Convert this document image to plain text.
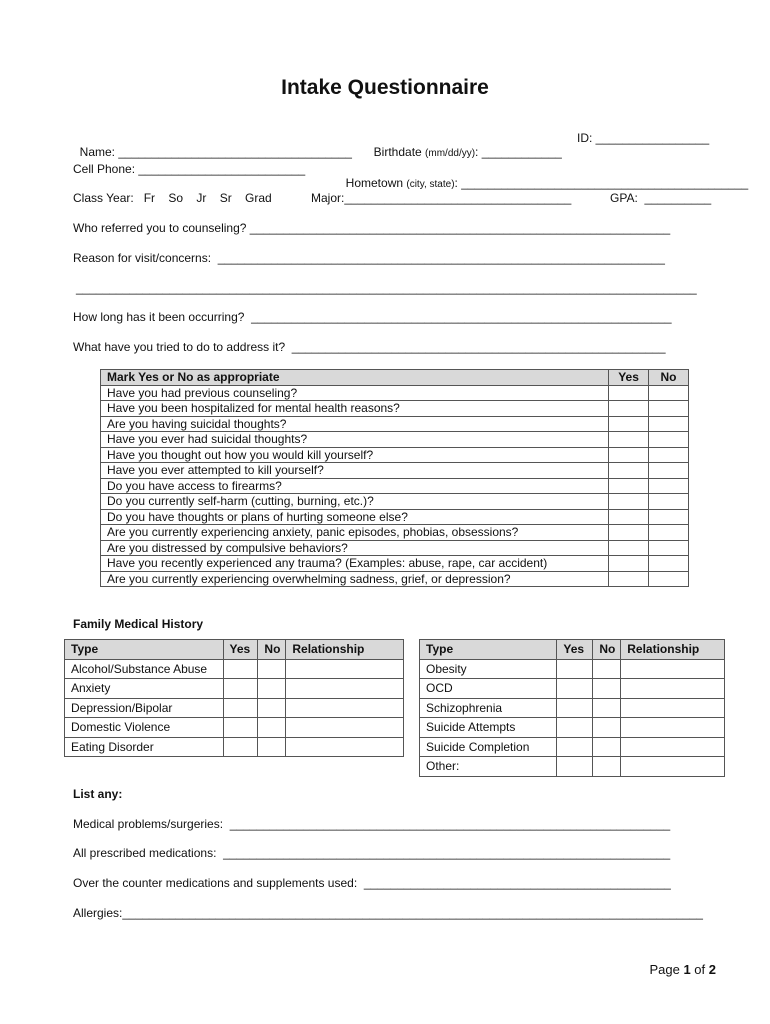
Intake Questionnaire

Name: ___________________________________	Birthdate (mm/dd/yy): ____________

ID: _________________
Cell Phone: _________________________

Hometown (city, state): ___________________________________________

Class Year:   Fr    So    Jr    Sr    Grad	Major:__________________________________	GPA:  __________
Who referred you to counseling? _______________________________________________________________
Reason for visit/concerns:  ___________________________________________________________________
_____________________________________________________________________________________________
How long has it been occurring?  _______________________________________________________________
What have you tried to do to address it?  ________________________________________________________
Mark Yes or No as appropriate	Yes	No
Have you had previous counseling?		
Have you been hospitalized for mental health reasons?		
Are you having suicidal thoughts?		
Have you ever had suicidal thoughts?		
Have you thought out how you would kill yourself?		
Have you ever attempted to kill yourself?		
Do you have access to firearms?		
Do you currently self-harm (cutting, burning, etc.)?		
Do you have thoughts or plans of hurting someone else?		
Are you currently experiencing anxiety, panic episodes, phobias, obsessions?		
Are you distressed by compulsive behaviors?		
Have you recently experienced any trauma? (Examples: abuse, rape, car accident)		
Are you currently experiencing overwhelming sadness, grief, or depression?		
Family Medical History
Type	Yes	No	Relationship
Alcohol/Substance Abuse			
Anxiety			
Depression/Bipolar			
Domestic Violence			
Eating Disorder			
Type	Yes	No	Relationship
Obesity			
OCD			
Schizophrenia			
Suicide Attempts			
Suicide Completion			
Other:			
List any:
Medical problems/surgeries:  __________________________________________________________________
All prescribed medications:  ___________________________________________________________________
Over the counter medications and supplements used:  ______________________________________________
Allergies:_______________________________________________________________________________________
Page 1 of 2
